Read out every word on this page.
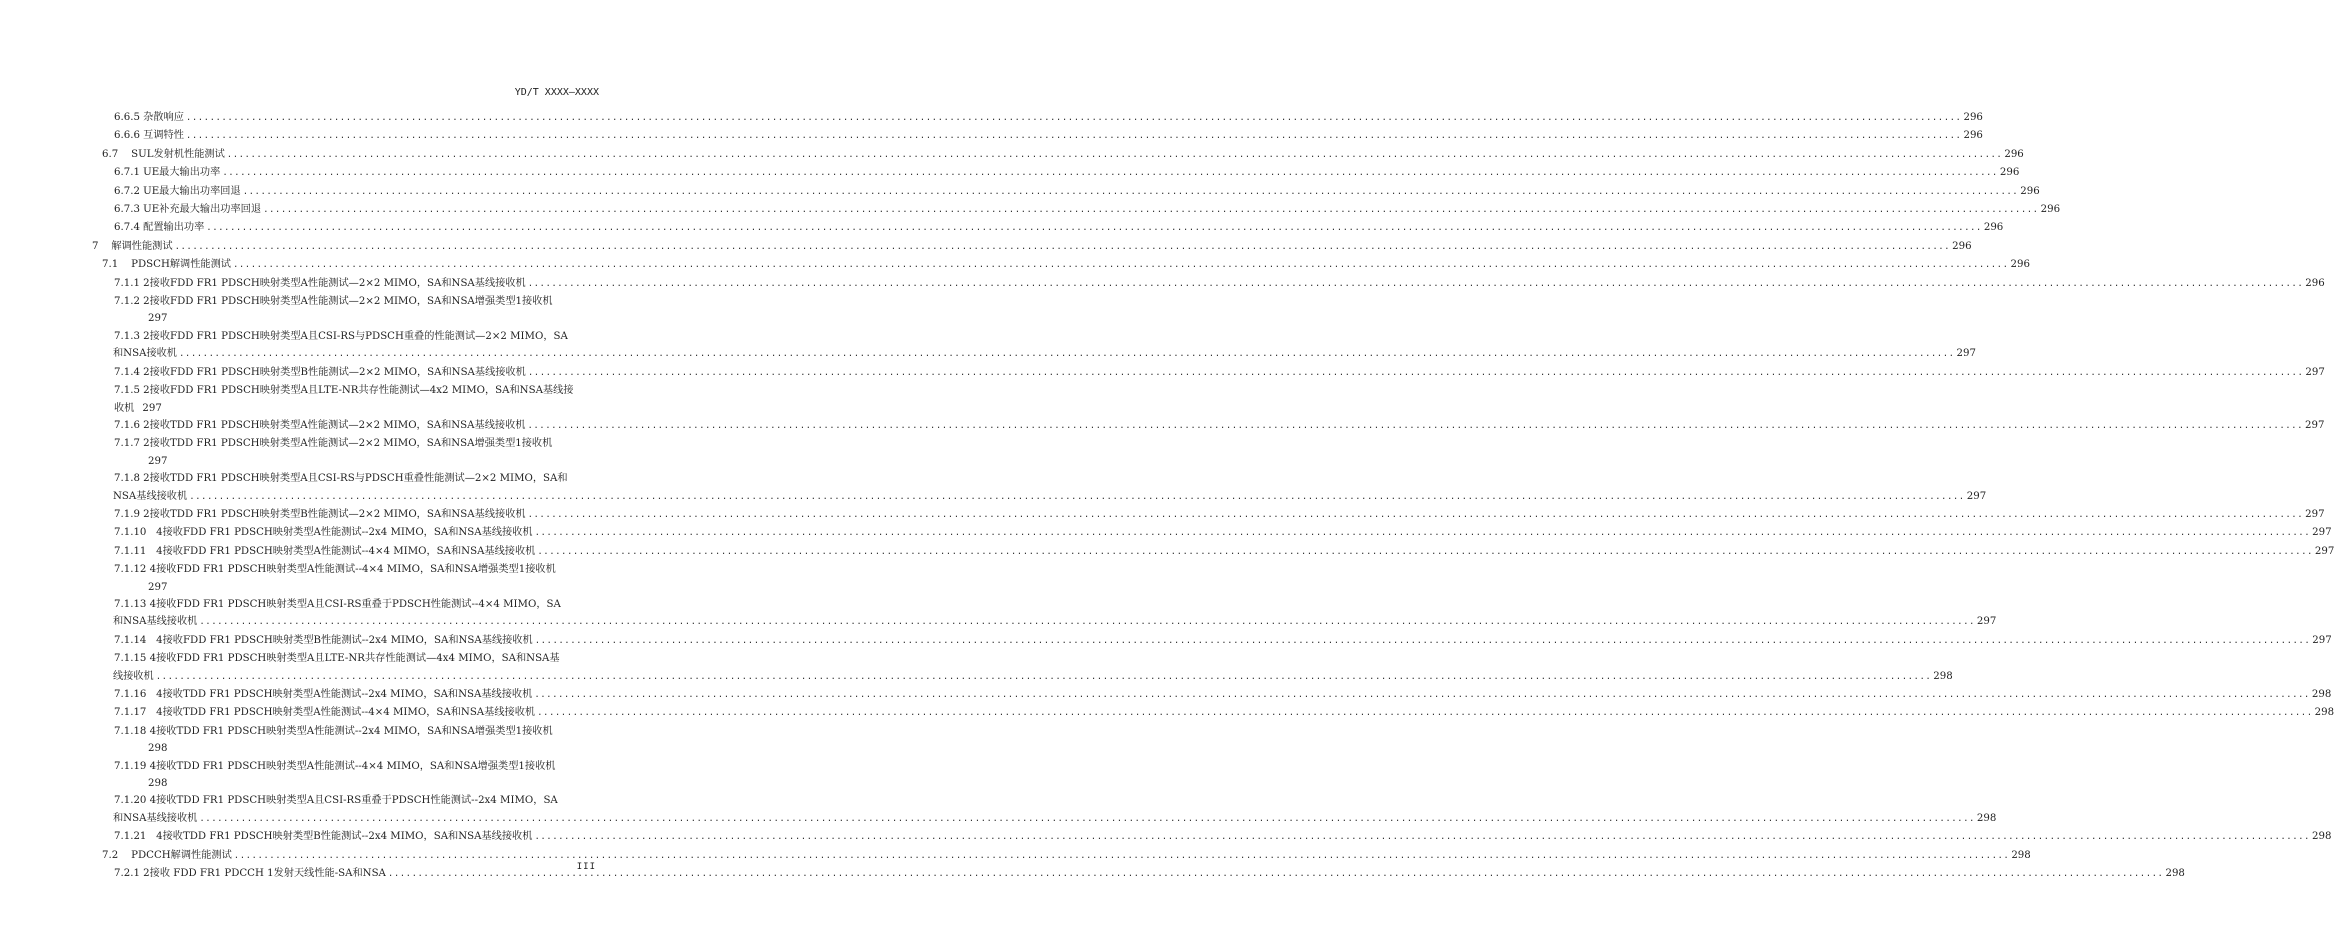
YD/T XXXX—XXXX
6.6.5 杂散响应 ............................................................................................................................................................................................................................................................................................................ 296
6.6.6 互调特性 ............................................................................................................................................................................................................................................................................................................ 296
6.7    SUL发射机性能测试 ............................................................................................................................................................................................................................................................................................................ 296
6.7.1 UE最大输出功率 ............................................................................................................................................................................................................................................................................................................ 296
6.7.2 UE最大输出功率回退 ............................................................................................................................................................................................................................................................................................................ 296
6.7.3 UE补充最大输出功率回退 ............................................................................................................................................................................................................................................................................................................ 296
6.7.4 配置输出功率 ............................................................................................................................................................................................................................................................................................................ 296
7    解调性能测试 ............................................................................................................................................................................................................................................................................................................ 296
7.1    PDSCH解调性能测试 ............................................................................................................................................................................................................................................................................................................ 296
7.1.1 2接收FDD FR1 PDSCH映射类型A性能测试—2×2 MIMO，SA和NSA基线接收机 ............................................................................................................................................................................................................................................................................................................ 296
7.1.2 2接收FDD FR1 PDSCH映射类型A性能测试—2×2 MIMO，SA和NSA增强类型1接收机
297
7.1.3 2接收FDD FR1 PDSCH映射类型A且CSI-RS与PDSCH重叠的性能测试—2×2 MIMO，SA
和NSA接收机 ............................................................................................................................................................................................................................................................................................................ 297
7.1.4 2接收FDD FR1 PDSCH映射类型B性能测试—2×2 MIMO，SA和NSA基线接收机 ............................................................................................................................................................................................................................................................................................................ 297
7.1.5 2接收FDD FR1 PDSCH映射类型A且LTE-NR共存性能测试—4x2 MIMO，SA和NSA基线接
收机 297
7.1.6 2接收TDD FR1 PDSCH映射类型A性能测试—2×2 MIMO，SA和NSA基线接收机 ............................................................................................................................................................................................................................................................................................................ 297
7.1.7 2接收TDD FR1 PDSCH映射类型A性能测试—2×2 MIMO，SA和NSA增强类型1接收机
297
7.1.8 2接收TDD FR1 PDSCH映射类型A且CSI-RS与PDSCH重叠性能测试—2×2 MIMO，SA和
NSA基线接收机 ............................................................................................................................................................................................................................................................................................................ 297
7.1.9 2接收TDD FR1 PDSCH映射类型B性能测试—2×2 MIMO，SA和NSA基线接收机 ............................................................................................................................................................................................................................................................................................................ 297
7.1.10   4接收FDD FR1 PDSCH映射类型A性能测试--2x4 MIMO，SA和NSA基线接收机 ............................................................................................................................................................................................................................................................................................................ 297
7.1.11   4接收FDD FR1 PDSCH映射类型A性能测试--4×4 MIMO，SA和NSA基线接收机 ............................................................................................................................................................................................................................................................................................................ 297
7.1.12 4接收FDD FR1 PDSCH映射类型A性能测试--4×4 MIMO，SA和NSA增强类型1接收机
297
7.1.13 4接收FDD FR1 PDSCH映射类型A且CSI-RS重叠于PDSCH性能测试--4×4 MIMO，SA
和NSA基线接收机 ............................................................................................................................................................................................................................................................................................................ 297
7.1.14   4接收FDD FR1 PDSCH映射类型B性能测试--2x4 MIMO，SA和NSA基线接收机 ............................................................................................................................................................................................................................................................................................................ 297
7.1.15 4接收FDD FR1 PDSCH映射类型A且LTE-NR共存性能测试—4x4 MIMO，SA和NSA基
线接收机 ............................................................................................................................................................................................................................................................................................................ 298
7.1.16   4接收TDD FR1 PDSCH映射类型A性能测试--2x4 MIMO，SA和NSA基线接收机 ............................................................................................................................................................................................................................................................................................................ 298
7.1.17   4接收TDD FR1 PDSCH映射类型A性能测试--4×4 MIMO，SA和NSA基线接收机 ............................................................................................................................................................................................................................................................................................................ 298
7.1.18 4接收TDD FR1 PDSCH映射类型A性能测试--2x4 MIMO，SA和NSA增强类型1接收机
298
7.1.19 4接收TDD FR1 PDSCH映射类型A性能测试--4×4 MIMO，SA和NSA增强类型1接收机
298
7.1.20 4接收TDD FR1 PDSCH映射类型A且CSI-RS重叠于PDSCH性能测试--2x4 MIMO，SA
和NSA基线接收机 ............................................................................................................................................................................................................................................................................................................ 298
7.1.21   4接收TDD FR1 PDSCH映射类型B性能测试--2x4 MIMO，SA和NSA基线接收机 ............................................................................................................................................................................................................................................................................................................ 298
7.2    PDCCH解调性能测试 ............................................................................................................................................................................................................................................................................................................ 298
7.2.1 2接收 FDD FR1 PDCCH 1发射天线性能-SA和NSA ............................................................................................................................................................................................................................................................................................................ 298
III
